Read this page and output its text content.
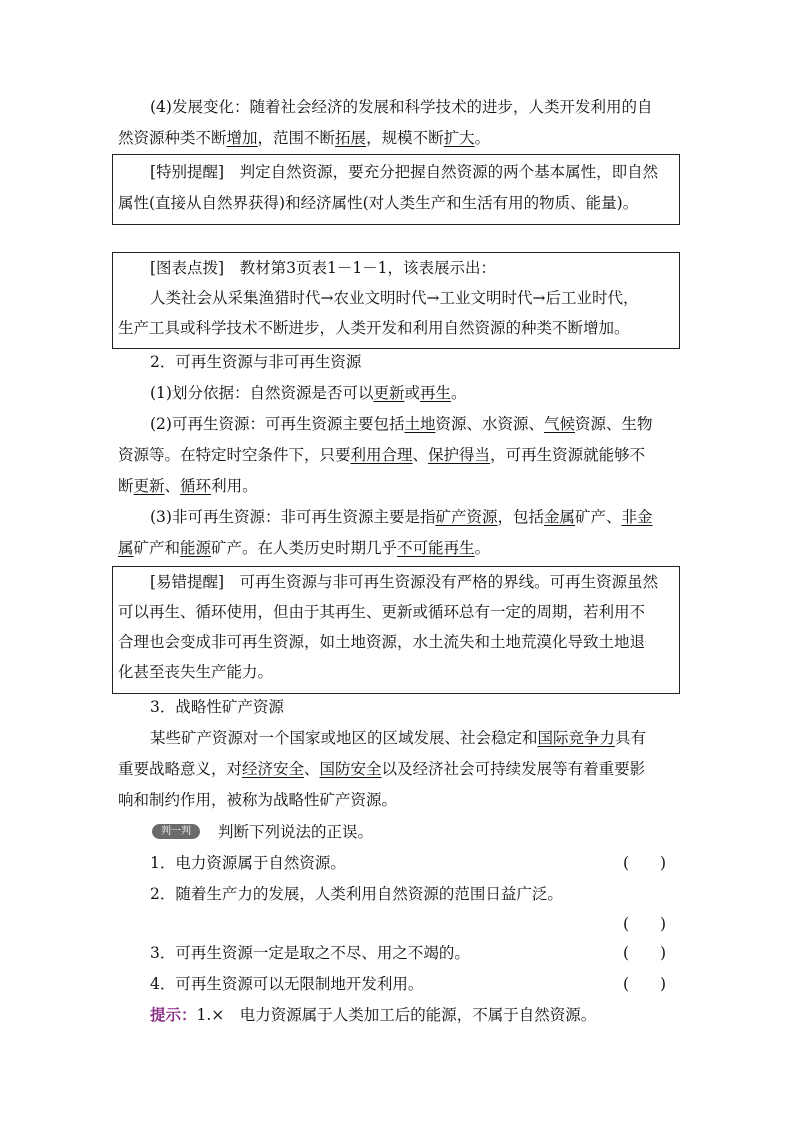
(4)发展变化：随着社会经济的发展和科学技术的进步，人类开发利用的自
然资源种类不断增加，范围不断拓展，规模不断扩大。
[特别提醒]　判定自然资源，要充分把握自然资源的两个基本属性，即自然
属性(直接从自然界获得)和经济属性(对人类生产和生活有用的物质、能量)。
[图表点拨]　教材第3页表1－1－1，该表展示出：
人类社会从采集渔猎时代→农业文明时代→工业文明时代→后工业时代，
生产工具或科学技术不断进步，人类开发和利用自然资源的种类不断增加。
2．可再生资源与非可再生资源
(1)划分依据：自然资源是否可以更新或再生。
(2)可再生资源：可再生资源主要包括土地资源、水资源、气候资源、生物
资源等。在特定时空条件下，只要利用合理、保护得当，可再生资源就能够不
断更新、循环利用。
(3)非可再生资源：非可再生资源主要是指矿产资源，包括金属矿产、非金
属矿产和能源矿产。在人类历史时期几乎不可能再生。
[易错提醒]　可再生资源与非可再生资源没有严格的界线。可再生资源虽然
可以再生、循环使用，但由于其再生、更新或循环总有一定的周期，若利用不
合理也会变成非可再生资源，如土地资源，水土流失和土地荒漠化导致土地退
化甚至丧失生产能力。
3．战略性矿产资源
某些矿产资源对一个国家或地区的区域发展、社会稳定和国际竞争力具有
重要战略意义，对经济安全、国防安全以及经济社会可持续发展等有着重要影
响和制约作用，被称为战略性矿产资源。
判一判	判断下列说法的正误。
1．电力资源属于自然资源。	(　　)
2．随着生产力的发展，人类利用自然资源的范围日益广泛。
(　　)
3．可再生资源一定是取之不尽、用之不竭的。	(　　)
4．可再生资源可以无限制地开发利用。	(　　)
提示：1.×　电力资源属于人类加工后的能源，不属于自然资源。
